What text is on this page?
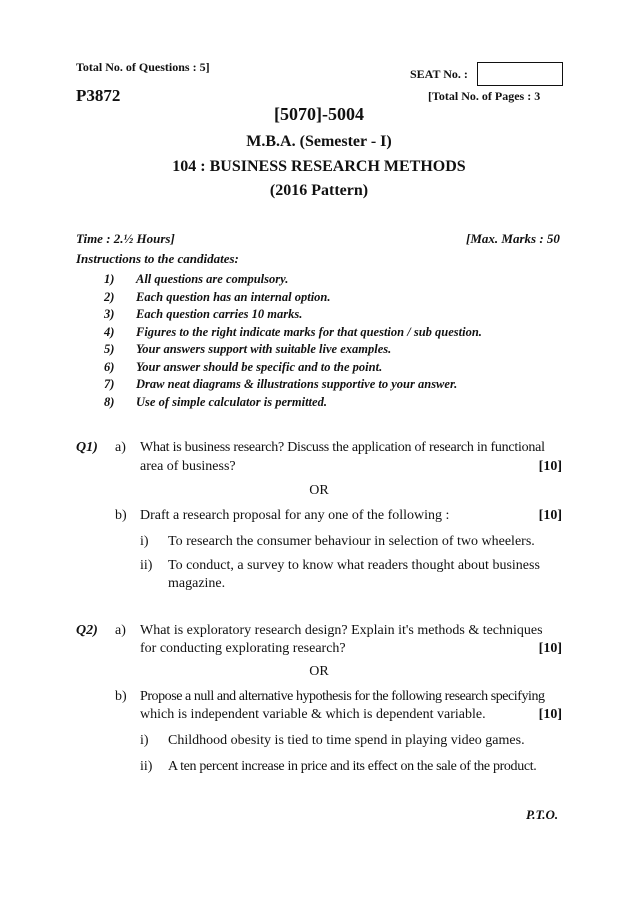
Total No. of Questions : 5]	SEAT No. :
P3872	[Total No. of Pages : 3
[5070]-5004
M.B.A. (Semester - I)
104 : BUSINESS RESEARCH METHODS
(2016 Pattern)
Time : 2.½ Hours]	[Max. Marks : 50
Instructions to the candidates:
1) All questions are compulsory.
2) Each question has an internal option.
3) Each question carries 10 marks.
4) Figures to the right indicate marks for that question / sub question.
5) Your answers support with suitable live examples.
6) Your answer should be specific and to the point.
7) Draw neat diagrams & illustrations supportive to your answer.
8) Use of simple calculator is permitted.
Q1) a) What is business research? Discuss the application of research in functional
area of business?	[10]
OR
b) Draft a research proposal for any one of the following :	[10]
i) To research the consumer behaviour in selection of two wheelers.
ii) To conduct, a survey to know what readers thought about business
magazine.
Q2) a) What is exploratory research design? Explain it's methods & techniques
for conducting explorating research?	[10]
OR
b) Propose a null and alternative hypothesis for the following research specifying
which is independent variable & which is dependent variable.	[10]
i) Childhood obesity is tied to time spend in playing video games.
ii) A ten percent increase in price and its effect on the sale of the product.
P.T.O.
